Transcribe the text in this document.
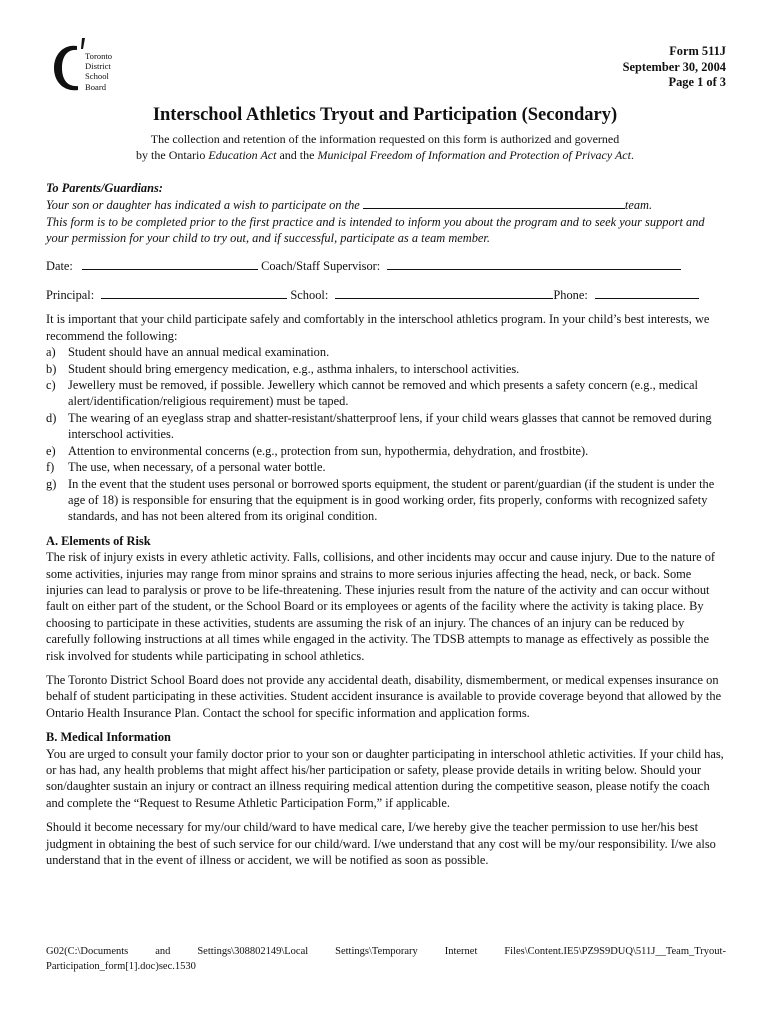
Toronto
District
School
Board
Form 511J
September 30, 2004
Page 1 of 3
Interschool Athletics Tryout and Participation (Secondary)
The collection and retention of the information requested on this form is authorized and governed
by the Ontario Education Act and the Municipal Freedom of Information and Protection of Privacy Act.
To Parents/Guardians:
Your son or daughter has indicated a wish to participate on the	team.
This form is to be completed prior to the first practice and is intended to inform you about the program and to seek your support and your permission for your child to try out, and if successful, participate as a team member.
Date:	Coach/Staff Supervisor:
Principal:	School:	Phone:
It is important that your child participate safely and comfortably in the interschool athletics program. In your child’s best interests, we recommend the following:
a) Student should have an annual medical examination.
b) Student should bring emergency medication, e.g., asthma inhalers, to interschool activities.
c) Jewellery must be removed, if possible. Jewellery which cannot be removed and which presents a safety concern (e.g., medical alert/identification/religious requirement) must be taped.
d) The wearing of an eyeglass strap and shatter-resistant/shatterproof lens, if your child wears glasses that cannot be removed during interschool activities.
e) Attention to environmental concerns (e.g., protection from sun, hypothermia, dehydration, and frostbite).
f) The use, when necessary, of a personal water bottle.
g) In the event that the student uses personal or borrowed sports equipment, the student or parent/guardian (if the student is under the age of 18) is responsible for ensuring that the equipment is in good working order, fits properly, conforms with recognized safety standards, and has not been altered from its original condition.
A. Elements of Risk
The risk of injury exists in every athletic activity. Falls, collisions, and other incidents may occur and cause injury. Due to the nature of some activities, injuries may range from minor sprains and strains to more serious injuries affecting the head, neck, or back. Some injuries can lead to paralysis or prove to be life-threatening. These injuries result from the nature of the activity and can occur without fault on either part of the student, or the School Board or its employees or agents of the facility where the activity is taking place. By choosing to participate in these activities, students are assuming the risk of an injury. The chances of an injury can be reduced by carefully following instructions at all times while engaged in the activity. The TDSB attempts to manage as effectively as possible the risk involved for students while participating in school athletics.
The Toronto District School Board does not provide any accidental death, disability, dismemberment, or medical expenses insurance on behalf of student participating in these activities. Student accident insurance is available to provide coverage beyond that allowed by the Ontario Health Insurance Plan. Contact the school for specific information and application forms.
B. Medical Information
You are urged to consult your family doctor prior to your son or daughter participating in interschool athletic activities. If your child has, or has had, any health problems that might affect his/her participation or safety, please provide details in writing below. Should your son/daughter sustain an injury or contract an illness requiring medical attention during the competitive season, please notify the coach and complete the “Request to Resume Athletic Participation Form,” if applicable.
Should it become necessary for my/our child/ward to have medical care, I/we hereby give the teacher permission to use her/his best judgment in obtaining the best of such service for our child/ward. I/we understand that any cost will be my/our responsibility. I/we also understand that in the event of illness or accident, we will be notified as soon as possible.
G02(C:\Documents	and	Settings\308802149\Local	Settings\Temporary	Internet	Files\Content.IE5\PZ9S9DUQ\511J__Team_Tryout-
Participation_form[1].doc)sec.1530
